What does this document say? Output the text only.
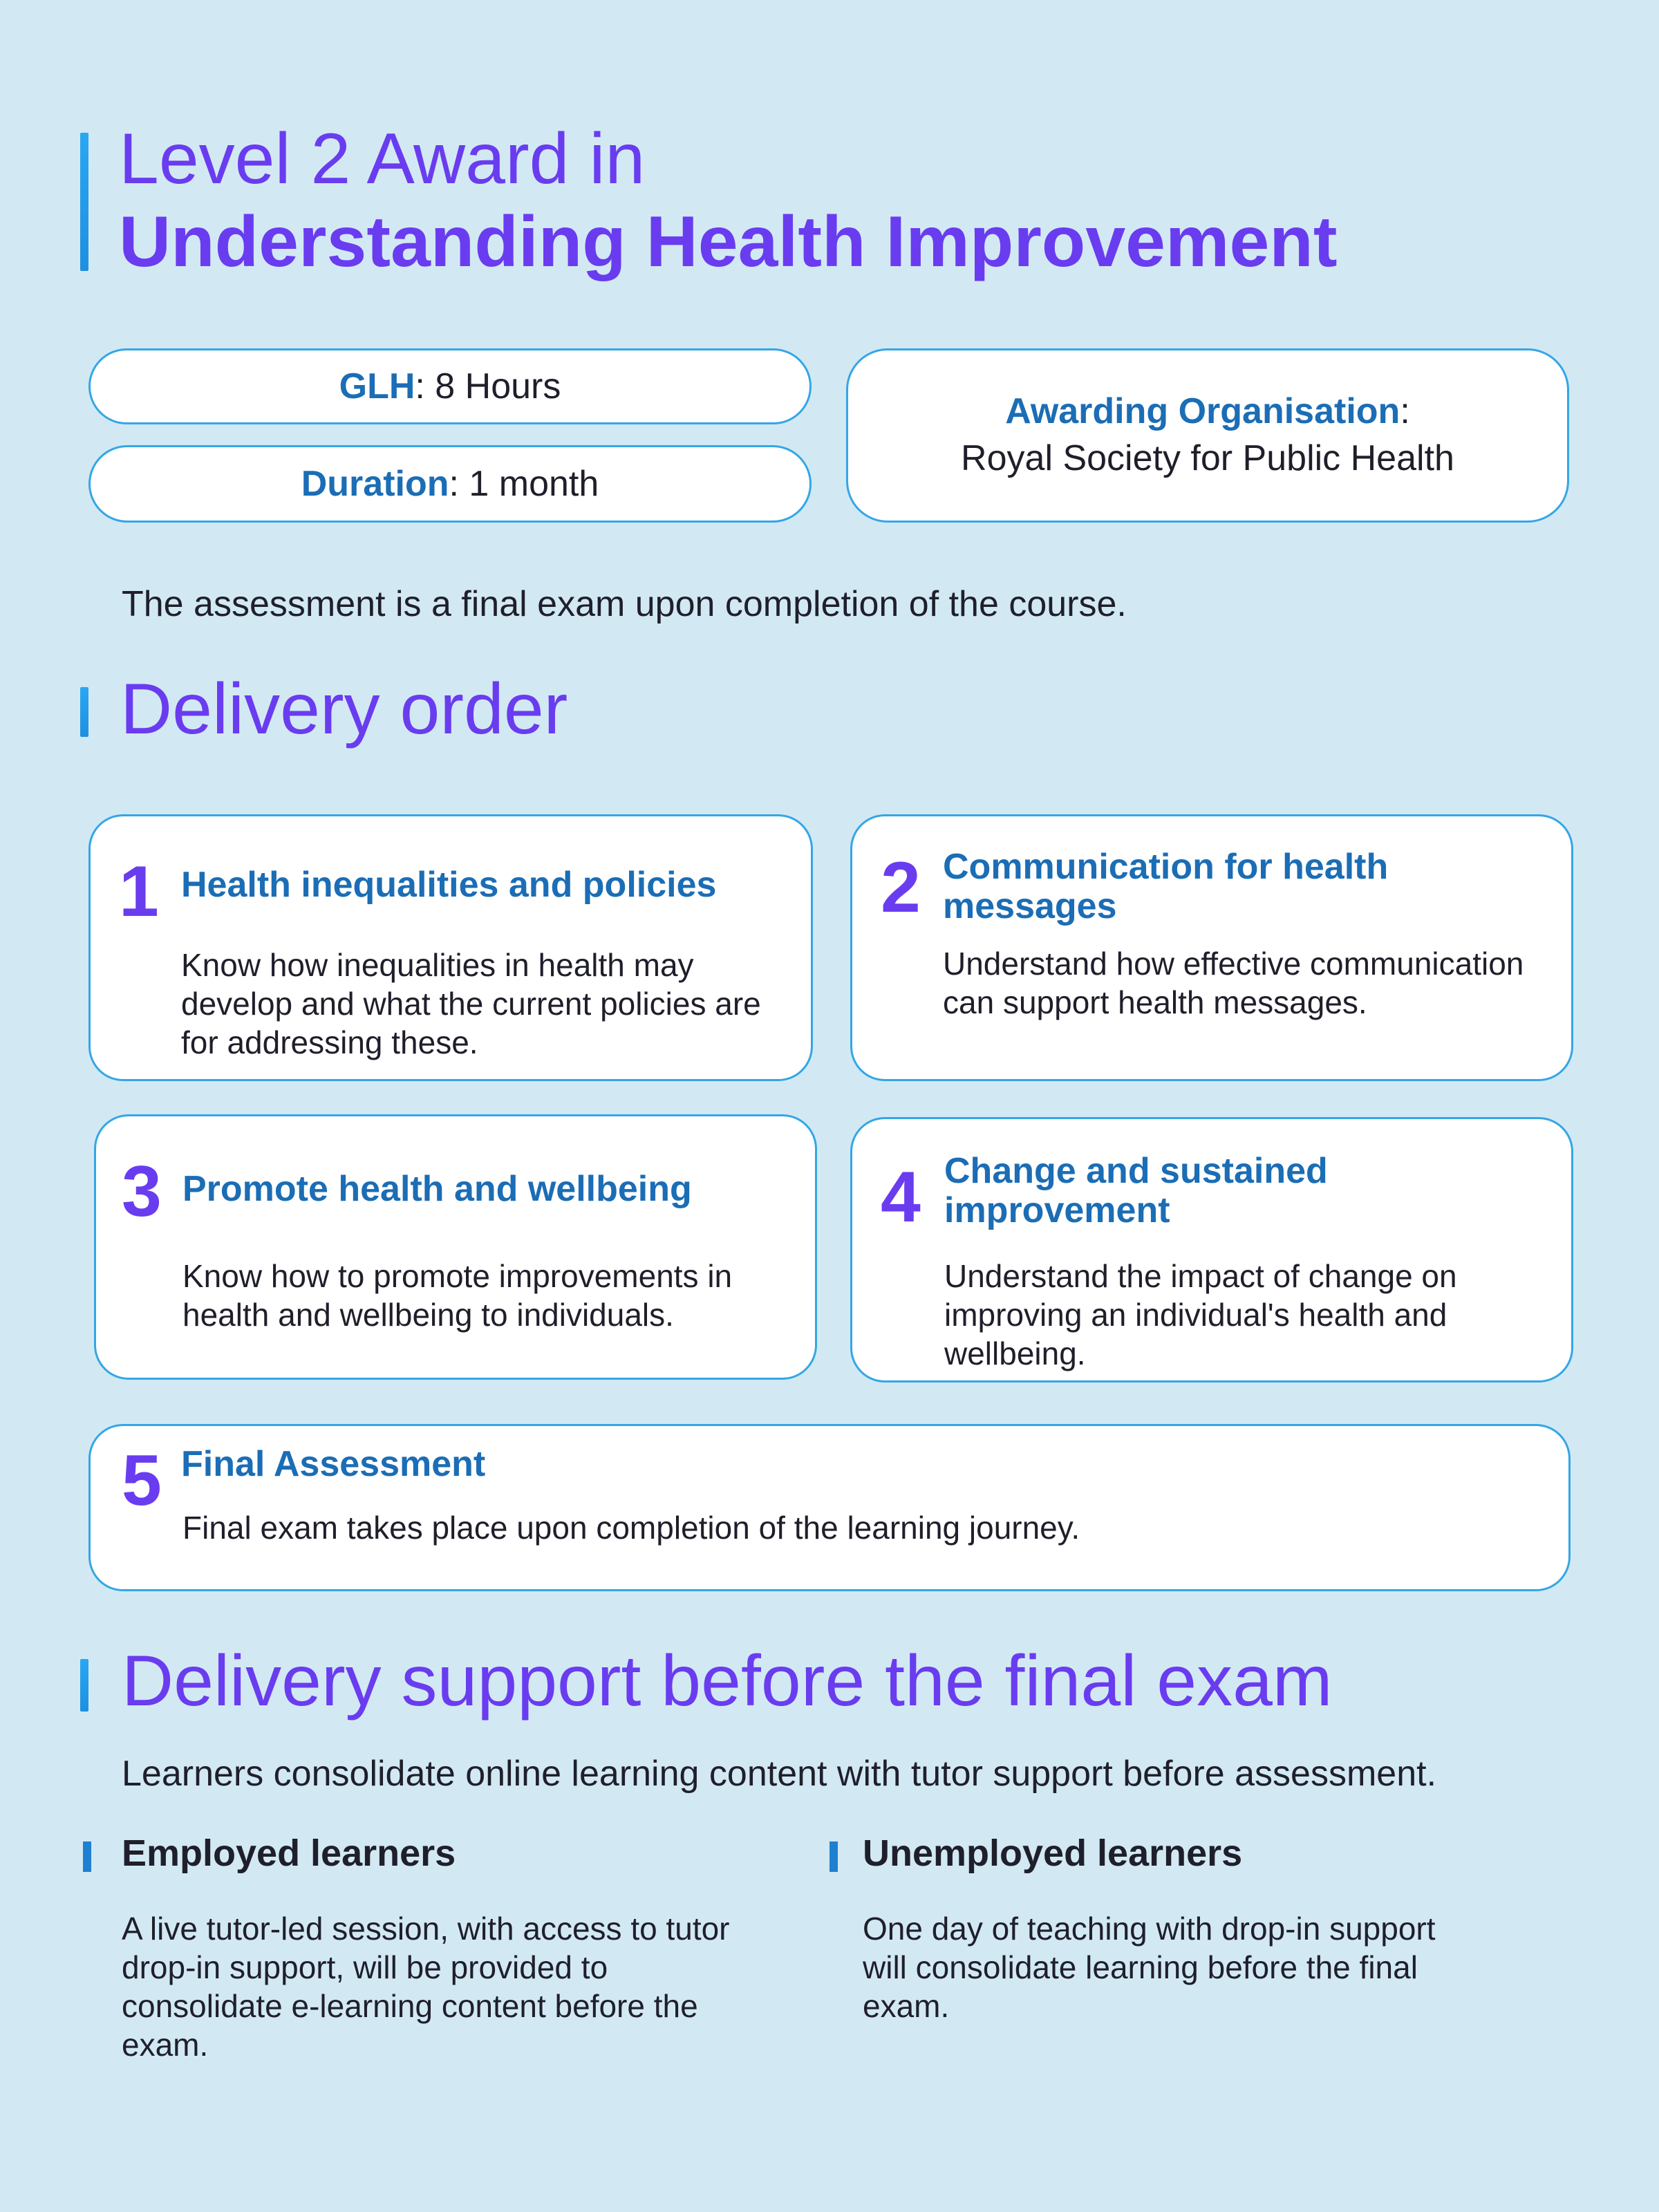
Level 2 Award in
Understanding Health Improvement
GLH : 8 Hours
Duration : 1 month
Awarding Organisation:
Royal Society for Public Health
The assessment is a final exam upon completion of the course.
Delivery order
1 Health inequalities and policies
Know how inequalities in health may develop and what the current policies are for addressing these.
2 Communication for health messages
Understand how effective communication can support health messages.
3 Promote health and wellbeing
Know how to promote improvements in health and wellbeing to individuals.
4 Change and sustained improvement
Understand the impact of change on improving an individual's health and wellbeing.
5 Final Assessment
Final exam takes place upon completion of the learning journey.
Delivery support before the final exam
Learners consolidate online learning content with tutor support before assessment.
Employed learners
A live tutor-led session, with access to tutor drop-in support, will be provided to consolidate e-learning content before the exam.
Unemployed learners
One day of teaching with drop-in support will consolidate learning before the final exam.
